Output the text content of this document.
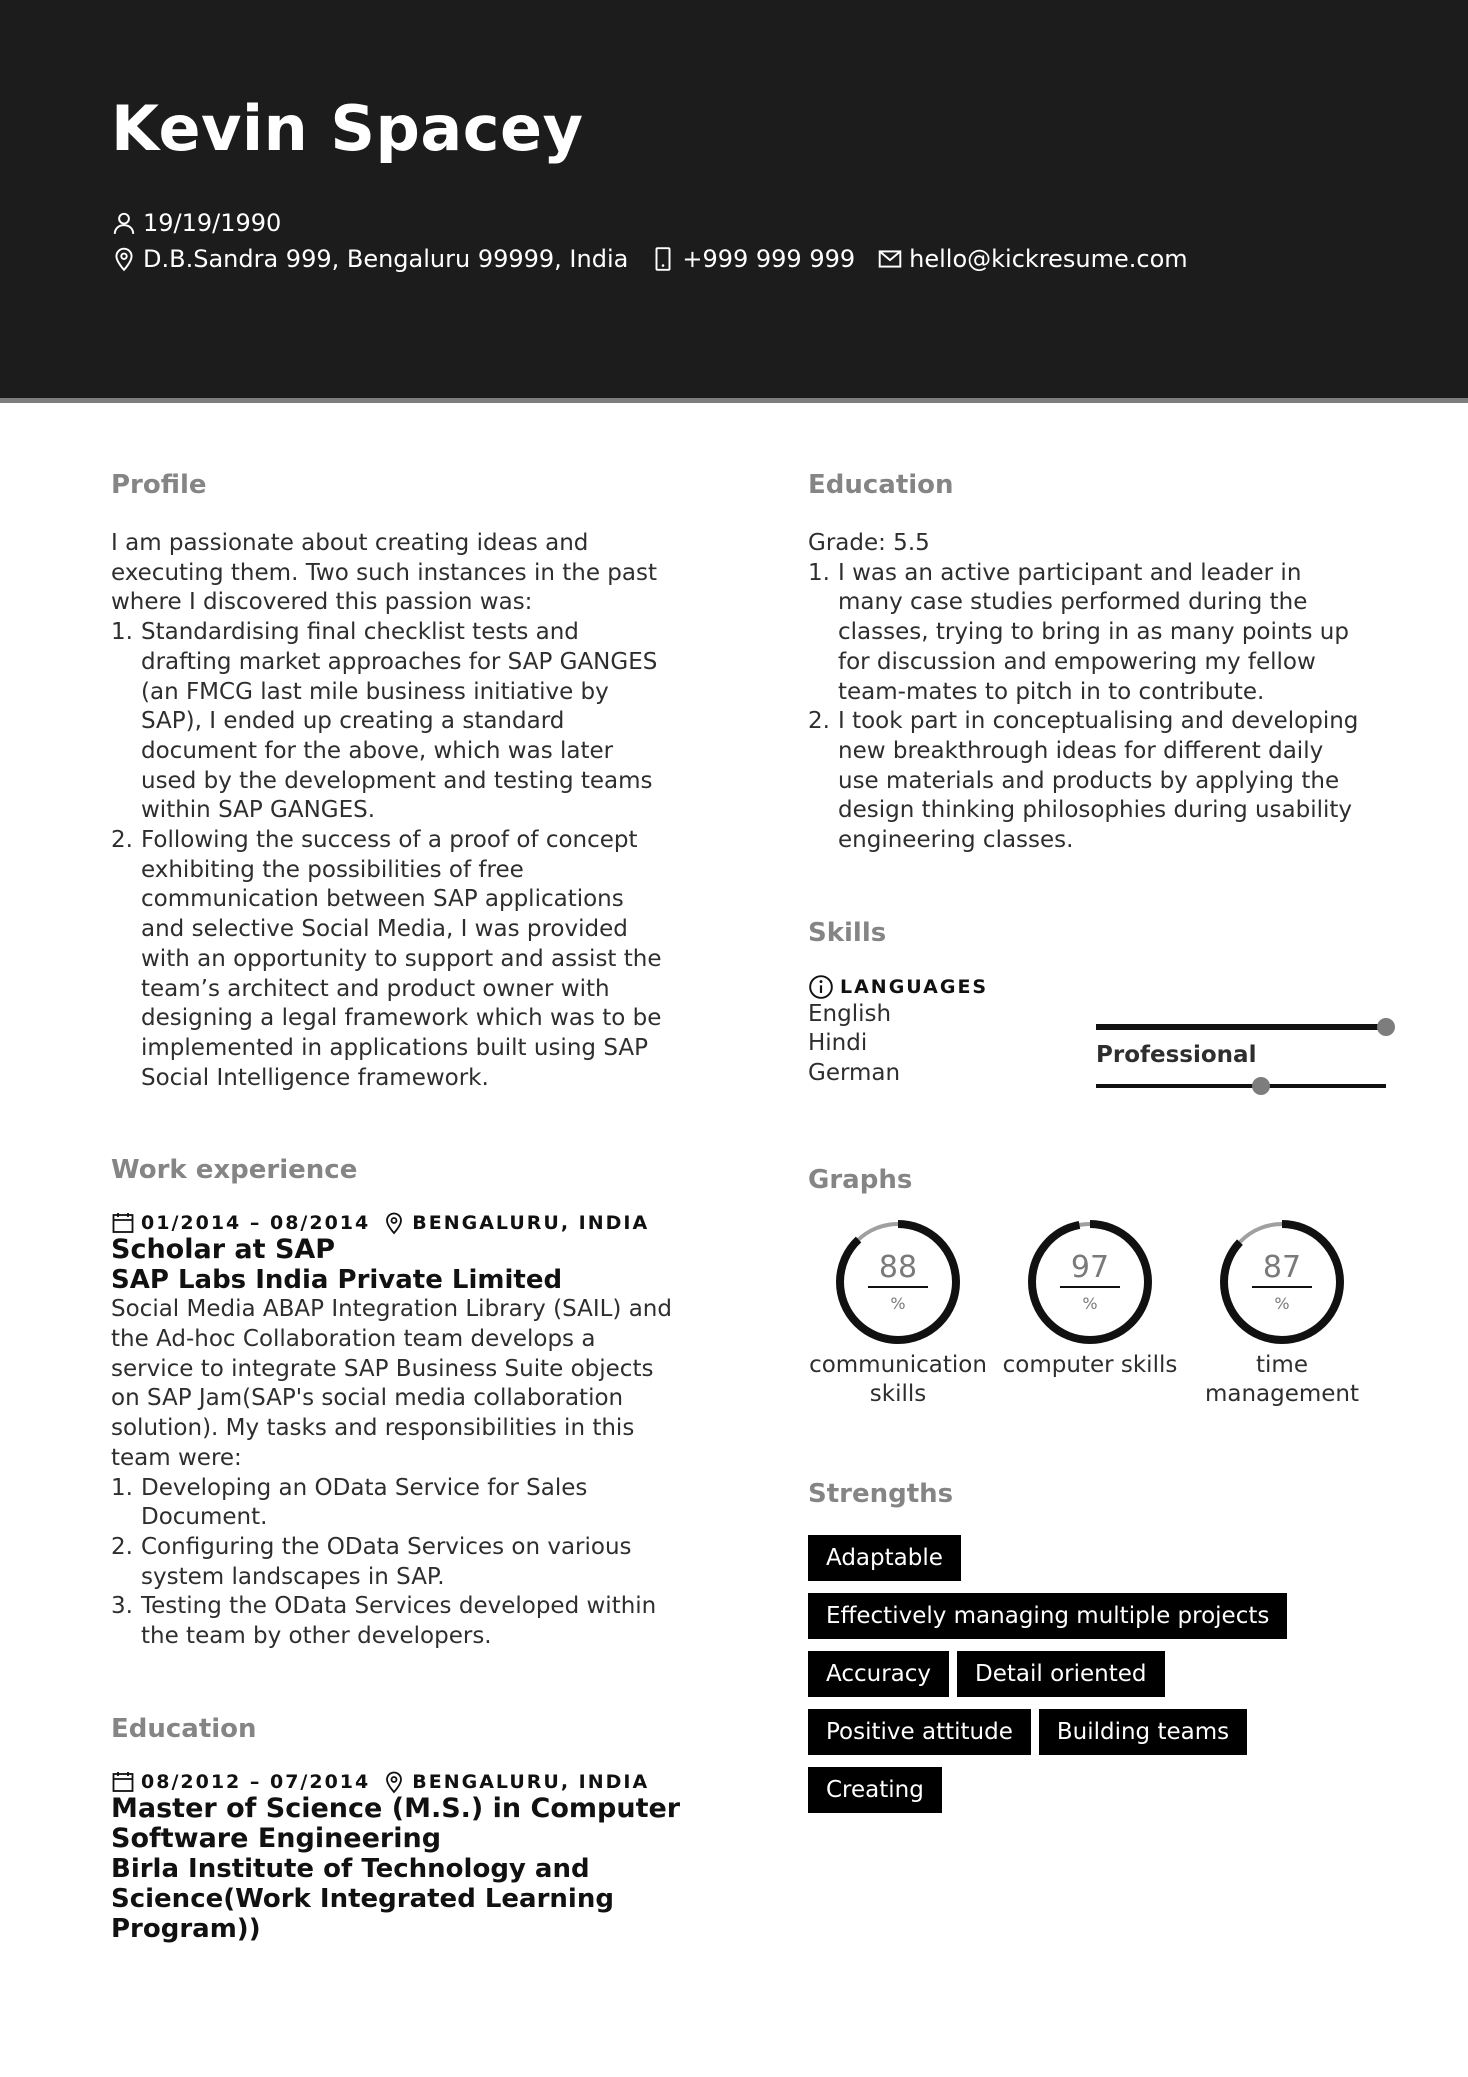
Kevin Spacey
19/19/1990
D.B.Sandra 999, Bengaluru 99999, India +999 999 999 hello@kickresume.com
Profile
I am passionate about creating ideas and
executing them. Two such instances in the past
where I discovered this passion was:
Standardising final checklist tests and
drafting market approaches for SAP GANGES
(an FMCG last mile business initiative by
SAP), I ended up creating a standard
document for the above, which was later
used by the development and testing teams
within SAP GANGES.
Following the success of a proof of concept
exhibiting the possibilities of free
communication between SAP applications
and selective Social Media, I was provided
with an opportunity to support and assist the
team’s architect and product owner with
designing a legal framework which was to be
implemented in applications built using SAP
Social Intelligence framework.
Work experience
01/2014 – 08/2014 BENGALURU, INDIA
Scholar at SAP
SAP Labs India Private Limited
Social Media ABAP Integration Library (SAIL) and
the Ad-hoc Collaboration team develops a
service to integrate SAP Business Suite objects
on SAP Jam(SAP's social media collaboration
solution). My tasks and responsibilities in this
team were:
Developing an OData Service for Sales
Document.
Configuring the OData Services on various
system landscapes in SAP.
Testing the OData Services developed within
the team by other developers.
Education
08/2012 – 07/2014 BENGALURU, INDIA
Master of Science (M.S.) in Computer
Software Engineering
Birla Institute of Technology and
Science(Work Integrated Learning
Program))
Education
Grade: 5.5
I was an active participant and leader in
many case studies performed during the
classes, trying to bring in as many points up
for discussion and empowering my fellow
team-mates to pitch in to contribute.
I took part in conceptualising and developing
new breakthrough ideas for different daily
use materials and products by applying the
design thinking philosophies during usability
engineering classes.
Skills
LANGUAGES
English
Hindi
German
Professional
Graphs
88
%
communication
skills
97
%
computer skills
87
%
time
management
Strengths
Adaptable
Effectively managing multiple projects
Accuracy Detail oriented
Positive attitude Building teams
Creating
